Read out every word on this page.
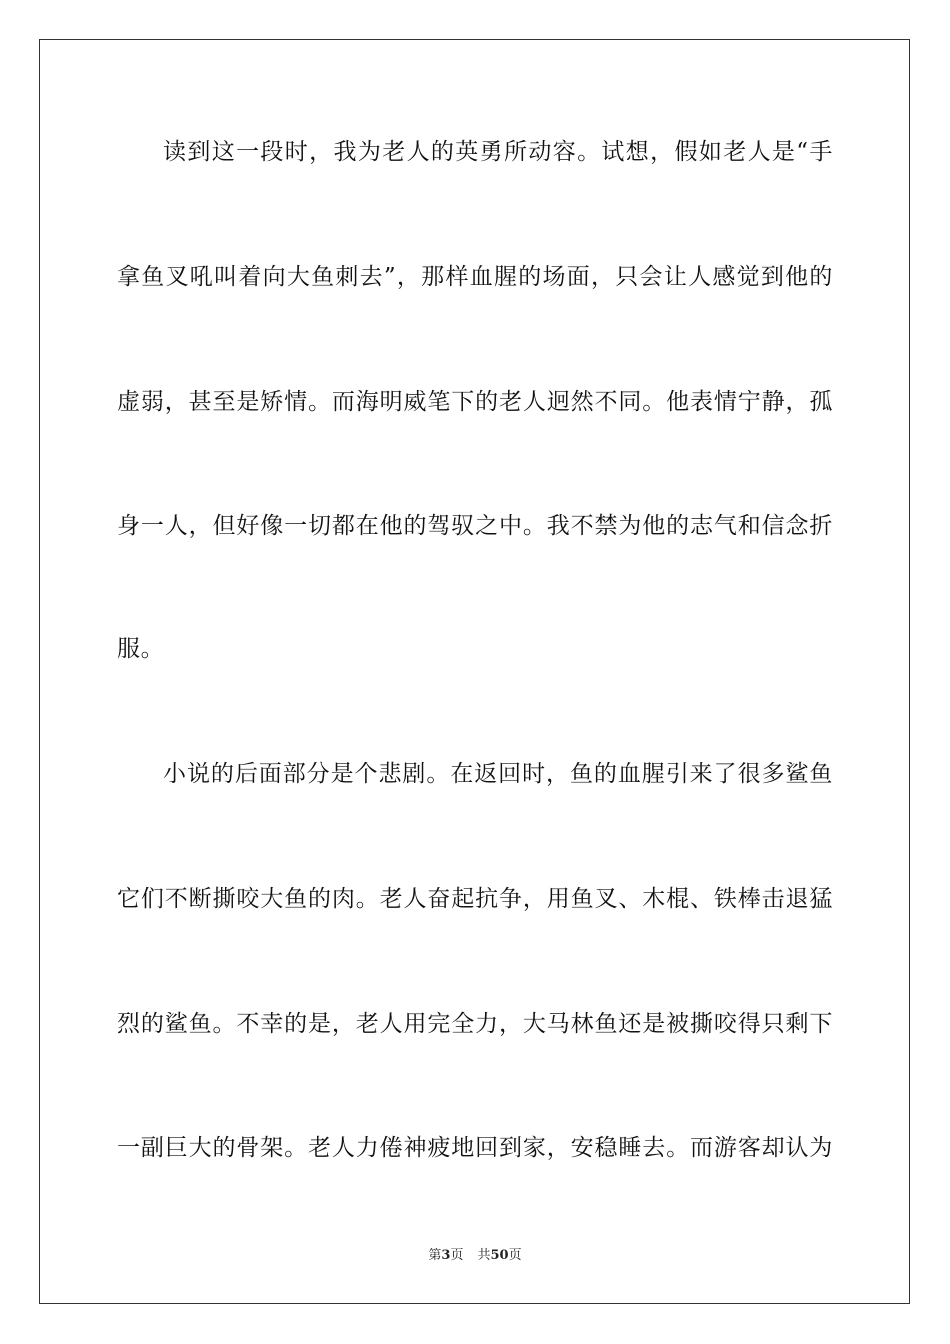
读到这一段时，我为老人的英勇所动容。试想，假如老人是“手
拿鱼叉吼叫着向大鱼刺去”，那样血腥的场面，只会让人感觉到他的
虚弱，甚至是矫情。而海明威笔下的老人迥然不同。他表情宁静，孤
身一人，但好像一切都在他的驾驭之中。我不禁为他的志气和信念折
服。
小说的后面部分是个悲剧。在返回时，鱼的血腥引来了很多鲨鱼
它们不断撕咬大鱼的肉。老人奋起抗争，用鱼叉、木棍、铁棒击退猛
烈的鲨鱼。不幸的是，老人用完全力，大马林鱼还是被撕咬得只剩下
一副巨大的骨架。老人力倦神疲地回到家，安稳睡去。而游客却认为
第3页 共50页
